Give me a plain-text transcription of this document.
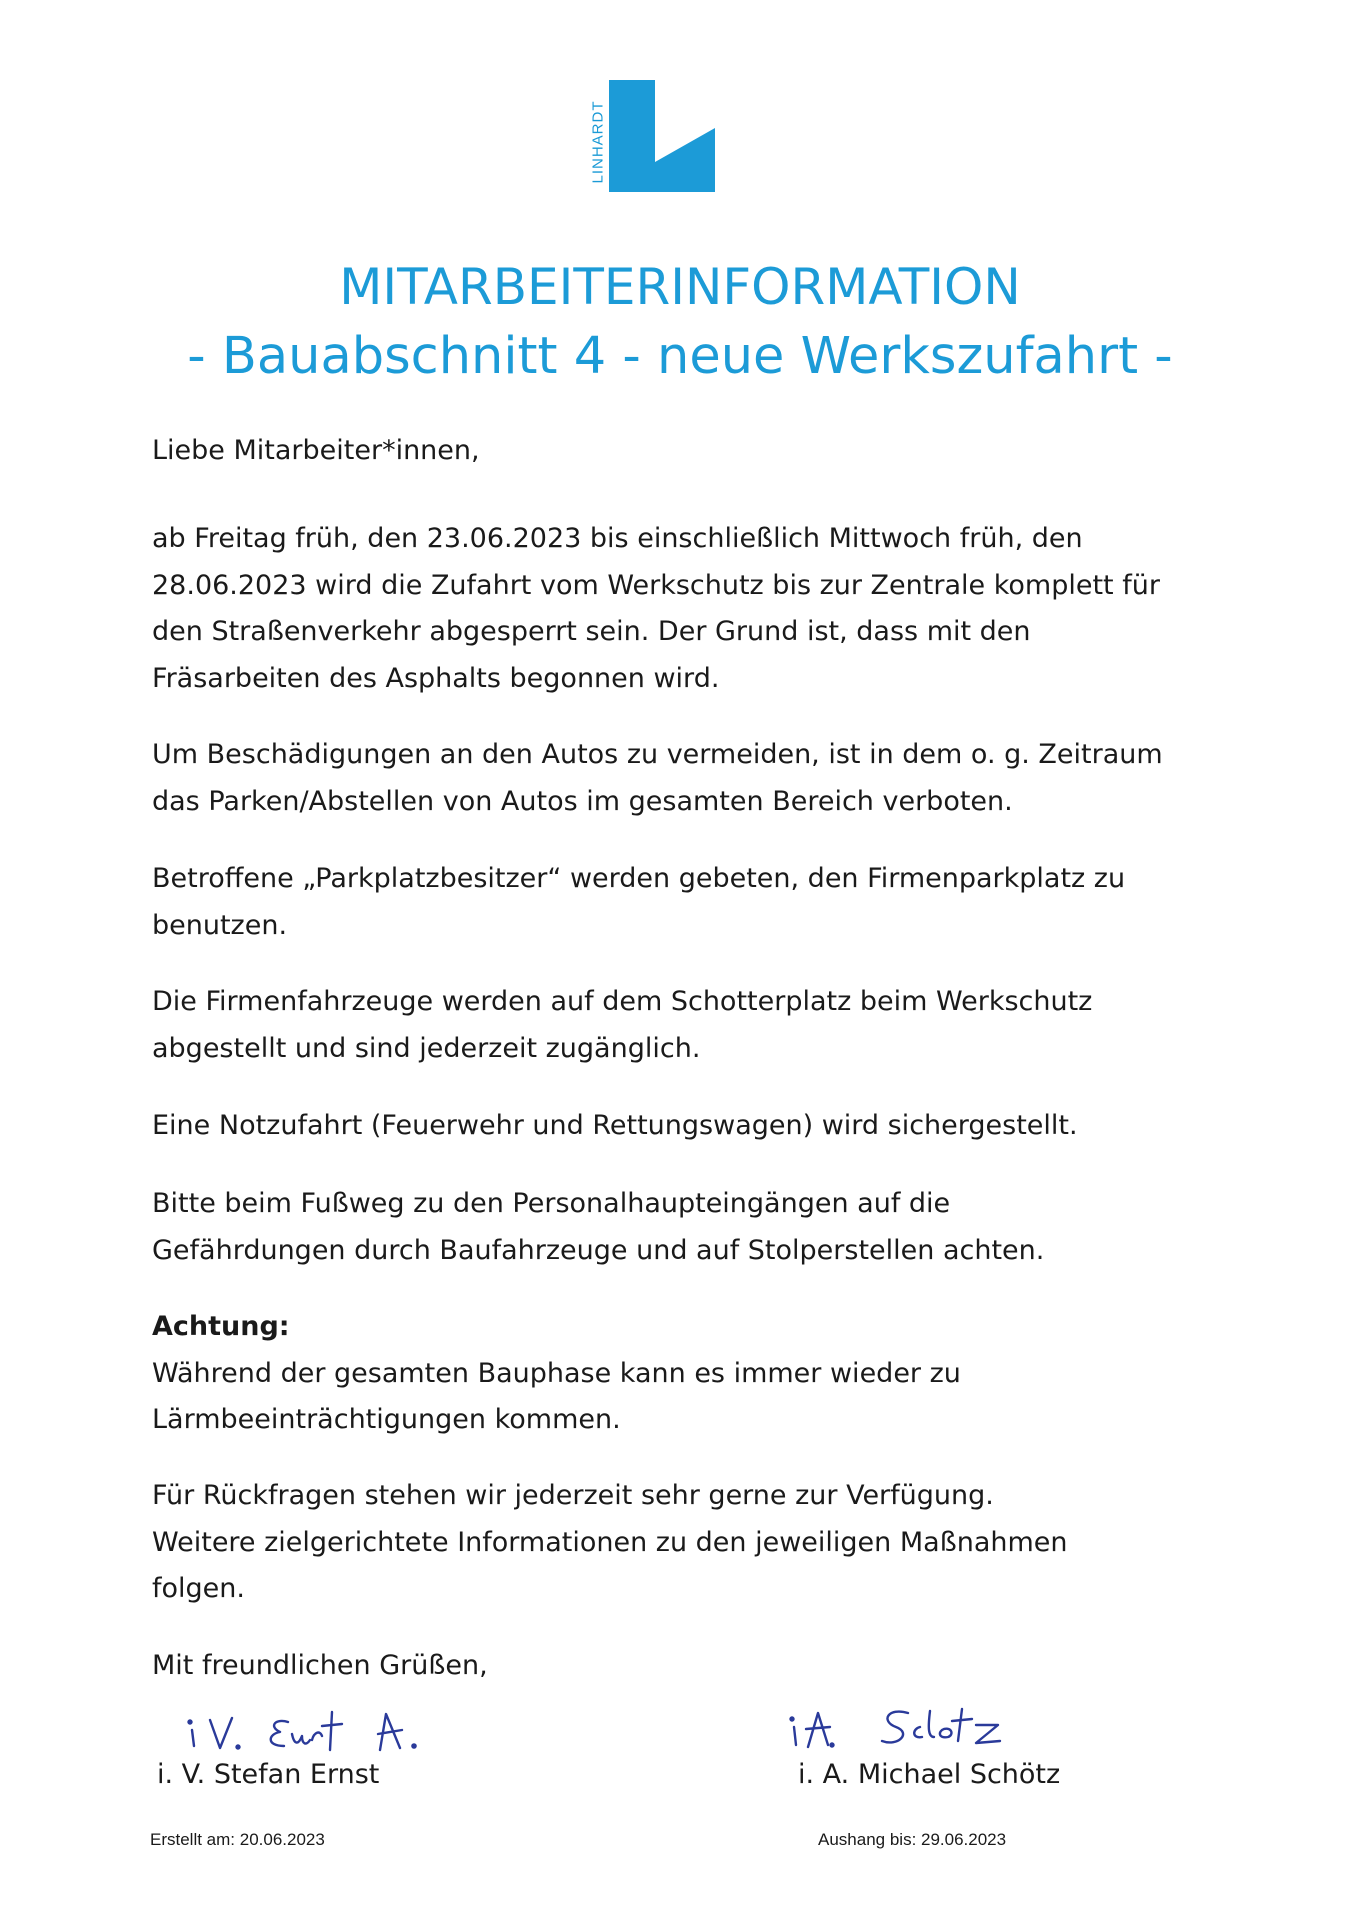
LINHARDT
MITARBEITERINFORMATION
- Bauabschnitt 4 - neue Werkszufahrt -

Liebe Mitarbeiter*innen,

ab Freitag früh, den 23.06.2023 bis einschließlich Mittwoch früh, den

28.06.2023 wird die Zufahrt vom Werkschutz bis zur Zentrale komplett für

den Straßenverkehr abgesperrt sein. Der Grund ist, dass mit den

Fräsarbeiten des Asphalts begonnen wird.

Um Beschädigungen an den Autos zu vermeiden, ist in dem o. g. Zeitraum

das Parken/Abstellen von Autos im gesamten Bereich verboten.

Betroffene „Parkplatzbesitzer“ werden gebeten, den Firmenparkplatz zu

benutzen.

Die Firmenfahrzeuge werden auf dem Schotterplatz beim Werkschutz

abgestellt und sind jederzeit zugänglich.

Eine Notzufahrt (Feuerwehr und Rettungswagen) wird sichergestellt.

Bitte beim Fußweg zu den Personalhaupteingängen auf die

Gefährdungen durch Baufahrzeuge und auf Stolperstellen achten.

Achtung:

Während der gesamten Bauphase kann es immer wieder zu

Lärmbeeinträchtigungen kommen.

Für Rückfragen stehen wir jederzeit sehr gerne zur Verfügung.

Weitere zielgerichtete Informationen zu den jeweiligen Maßnahmen

folgen.

Mit freundlichen Grüßen,

i. V. Stefan Ernst	i. A. Michael Schötz
Erstellt am: 20.06.2023	Aushang bis: 29.06.2023
